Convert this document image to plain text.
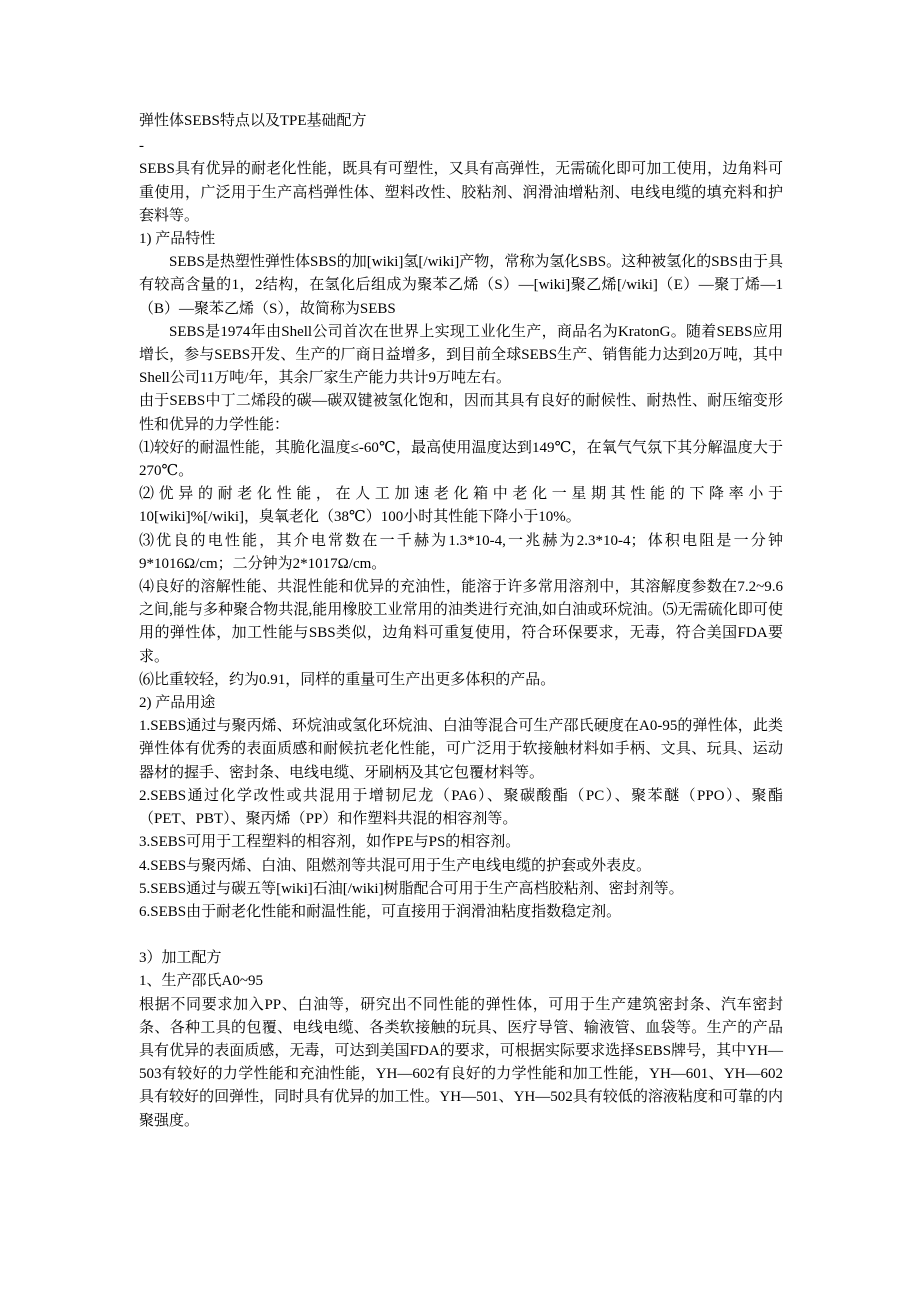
弹性体SEBS特点以及TPE基础配方

-

SEBS具有优异的耐老化性能，既具有可塑性，又具有高弹性，无需硫化即可加工使用，边角料可重使用，广泛用于生产高档弹性体、塑料改性、胶粘剂、润滑油增粘剂、电线电缆的填充料和护套料等。

1) 产品特性

SEBS是热塑性弹性体SBS的加[wiki]氢[/wiki]产物，常称为氢化SBS。这种被氢化的SBS由于具有较高含量的1，2结构，在氢化后组成为聚苯乙烯（S）—[wiki]聚乙烯[/wiki]（E）—聚丁烯—1（B）—聚苯乙烯（S），故简称为SEBS

SEBS是1974年由Shell公司首次在世界上实现工业化生产，商品名为KratonG。随着SEBS应用增长，参与SEBS开发、生产的厂商日益增多，到目前全球SEBS生产、销售能力达到20万吨，其中Shell公司11万吨/年，其余厂家生产能力共计9万吨左右。

由于SEBS中丁二烯段的碳—碳双键被氢化饱和，因而其具有良好的耐候性、耐热性、耐压缩变形性和优异的力学性能：

⑴较好的耐温性能，其脆化温度≤-60℃，最高使用温度达到149℃，在氧气气氛下其分解温度大于270℃。

⑵优异的耐老化性能，在人工加速老化箱中老化一星期其性能的下降率小于

10[wiki]%[/wiki]，臭氧老化（38℃）100小时其性能下降小于10%。

⑶优良的电性能，其介电常数在一千赫为1.3*10-4,一兆赫为2.3*10-4；体积电阻是一分钟9*1016Ω/cm；二分钟为2*1017Ω/cm。

⑷良好的溶解性能、共混性能和优异的充油性，能溶于许多常用溶剂中，其溶解度参数在7.2~9.6之间,能与多种聚合物共混,能用橡胶工业常用的油类进行充油,如白油或环烷油。⑸无需硫化即可使用的弹性体，加工性能与SBS类似，边角料可重复使用，符合环保要求，无毒，符合美国FDA要求。

⑹比重较轻，约为0.91，同样的重量可生产出更多体积的产品。

2) 产品用途

1.SEBS通过与聚丙烯、环烷油或氢化环烷油、白油等混合可生产邵氏硬度在A0-95的弹性体，此类弹性体有优秀的表面质感和耐候抗老化性能，可广泛用于软接触材料如手柄、文具、玩具、运动器材的握手、密封条、电线电缆、牙刷柄及其它包覆材料等。

2.SEBS通过化学改性或共混用于增韧尼龙（PA6）、聚碳酸酯（PC）、聚苯醚（PPO）、聚酯（PET、PBT）、聚丙烯（PP）和作塑料共混的相容剂等。

3.SEBS可用于工程塑料的相容剂，如作PE与PS的相容剂。

4.SEBS与聚丙烯、白油、阻燃剂等共混可用于生产电线电缆的护套或外表皮。

5.SEBS通过与碳五等[wiki]石油[/wiki]树脂配合可用于生产高档胶粘剂、密封剂等。

6.SEBS由于耐老化性能和耐温性能，可直接用于润滑油粘度指数稳定剂。

3）加工配方

1、生产邵氏A0~95

根据不同要求加入PP、白油等，研究出不同性能的弹性体，可用于生产建筑密封条、汽车密封条、各种工具的包覆、电线电缆、各类软接触的玩具、医疗导管、输液管、血袋等。生产的产品具有优异的表面质感，无毒，可达到美国FDA的要求，可根据实际要求选择SEBS牌号，其中YH—503有较好的力学性能和充油性能，YH—602有良好的力学性能和加工性能，YH—601、YH—602具有较好的回弹性，同时具有优异的加工性。YH—501、YH—502具有较低的溶液粘度和可靠的内聚强度。
